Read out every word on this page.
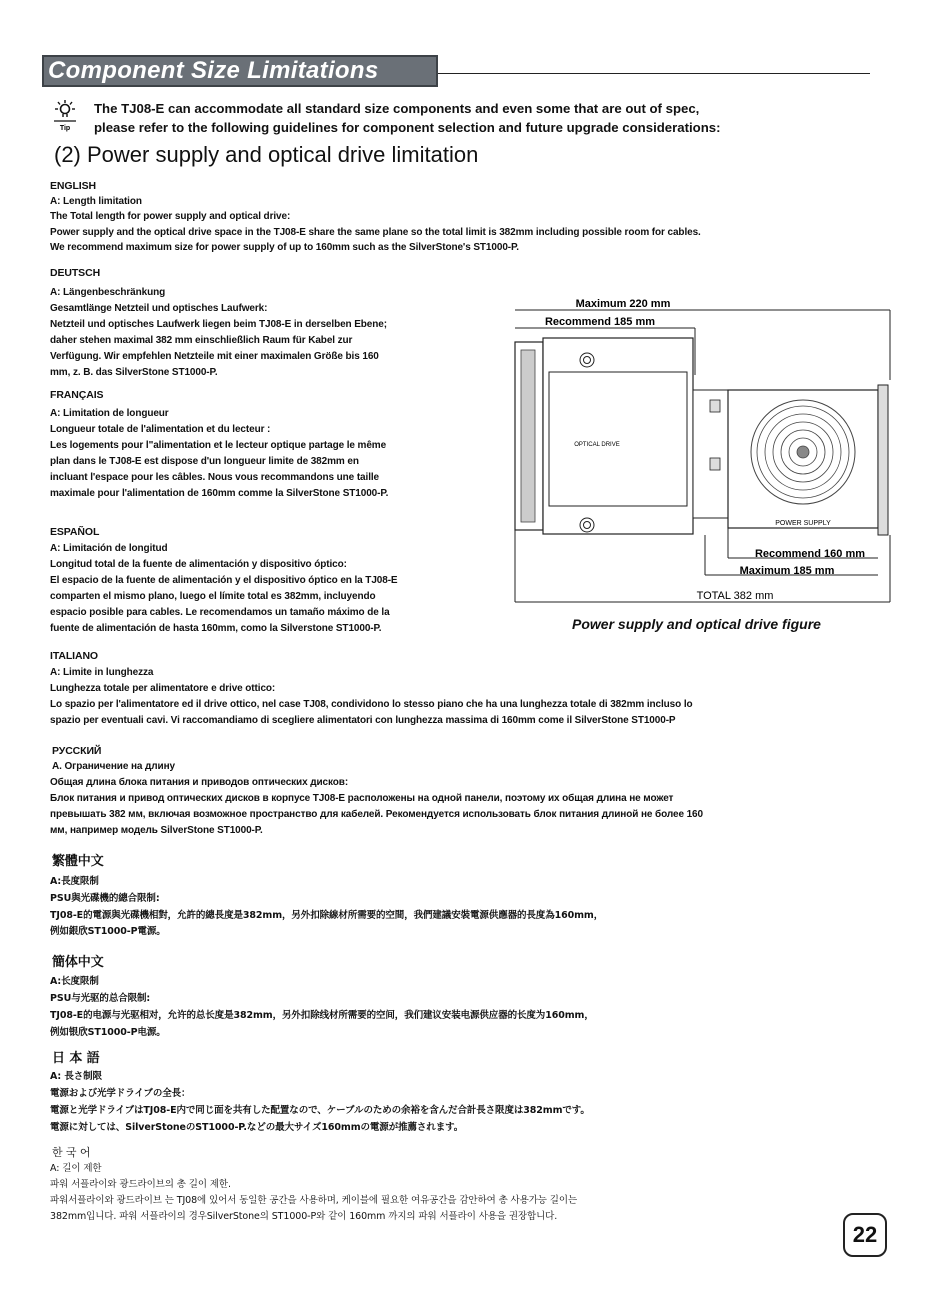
Component Size Limitations
Tip
The TJ08-E can accommodate all standard size components and even some that are out of spec,
please refer to the following guidelines for component selection and future upgrade considerations:
(2) Power supply and optical drive limitation
ENGLISH
A: Length limitation
The Total length for power supply and optical drive:
Power supply and the optical drive space in the TJ08-E share the same plane so the total limit is 382mm including possible room for cables.
We recommend maximum size for power supply of up to 160mm such as the SilverStone's ST1000-P.
DEUTSCH
A: Längenbeschränkung
Gesamtlänge Netzteil und optisches Laufwerk:
Netzteil und optisches Laufwerk liegen beim TJ08-E in derselben Ebene;
daher stehen maximal 382 mm einschließlich Raum für Kabel zur
Verfügung. Wir empfehlen Netzteile mit einer maximalen Größe bis 160
mm, z. B. das SilverStone ST1000-P.
FRANÇAIS
A: Limitation de longueur
Longueur totale de l'alimentation et du lecteur :
Les logements pour l"alimentation et le lecteur optique partage le même
plan dans le TJ08-E est dispose d'un longueur limite de 382mm en
incluant l'espace pour les câbles. Nous vous recommandons une taille
maximale pour l'alimentation de 160mm comme la SilverStone ST1000-P.
ESPAÑOL
A: Limitación de longitud
Longitud total de la fuente de alimentación y dispositivo óptico:
El espacio de la fuente de alimentación y el dispositivo óptico en la TJ08-E
comparten el mismo plano, luego el límite total es 382mm, incluyendo
espacio posible para cables. Le recomendamos un tamaño máximo de la
fuente de alimentación de hasta 160mm, como la Silverstone ST1000-P.
ITALIANO
A: Limite in lunghezza
Lunghezza totale per alimentatore e drive ottico:
Lo spazio per l'alimentatore ed il drive ottico, nel case TJ08, condividono lo stesso piano che ha una lunghezza totale di 382mm incluso lo
spazio per eventuali cavi. Vi raccomandiamo di scegliere alimentatori con lunghezza massima di 160mm come il SilverStone ST1000-P
РУССКИЙ
А. Ограничение на длину
Общая длина блока питания и приводов оптических дисков:
Блок питания и привод оптических дисков в корпусе TJ08-E расположены на одной панели, поэтому их общая длина не может
превышать 382 мм, включая возможное пространство для кабелей. Рекомендуется использовать блок питания длиной не более 160
мм, например модель SilverStone ST1000-P.
繁體中文
A:長度限制
PSU與光碟機的總合限制:
TJ08-E的電源與光碟機相對，允許的總長度是382mm，另外扣除線材所需要的空間，我們建議安裝電源供應器的長度為160mm，
例如銀欣ST1000-P電源。
簡体中文
A:长度限制
PSU与光驱的总合限制:
TJ08-E的电源与光驱相对，允许的总长度是382mm，另外扣除线材所需要的空间，我们建议安装电源供应器的长度为160mm，
例如银欣ST1000-P电源。
日 本 語
A: 長さ制限
電源および光学ドライブの全長：
電源と光学ドライブはTJ08-E内で同じ面を共有した配置なので、ケーブルのための余裕を含んだ合計長さ限度は382mmです。
電源に対しては、SilverStoneのST1000-P.などの最大サイズ160mmの電源が推薦されます。
한 국 어
A: 길이 제한
파워 서플라이와 광드라이브의 총 길이 제한.
파워서플라이와 광드라이브 는 TJ08에 있어서 동일한 공간을 사용하며, 케이블에 필요한 여유공간을 감안하여 총 사용가능 길이는
382mm입니다. 파워 서플라이의 경우SilverStone의 ST1000-P와 같이 160mm 까지의 파워 서플라이 사용을 권장합니다.
Maximum 220 mm
Recommend 185 mm
OPTICAL DRIVE
POWER SUPPLY
Recommend 160 mm
Maximum 185 mm
TOTAL 382 mm
Power supply and optical drive figure
22
